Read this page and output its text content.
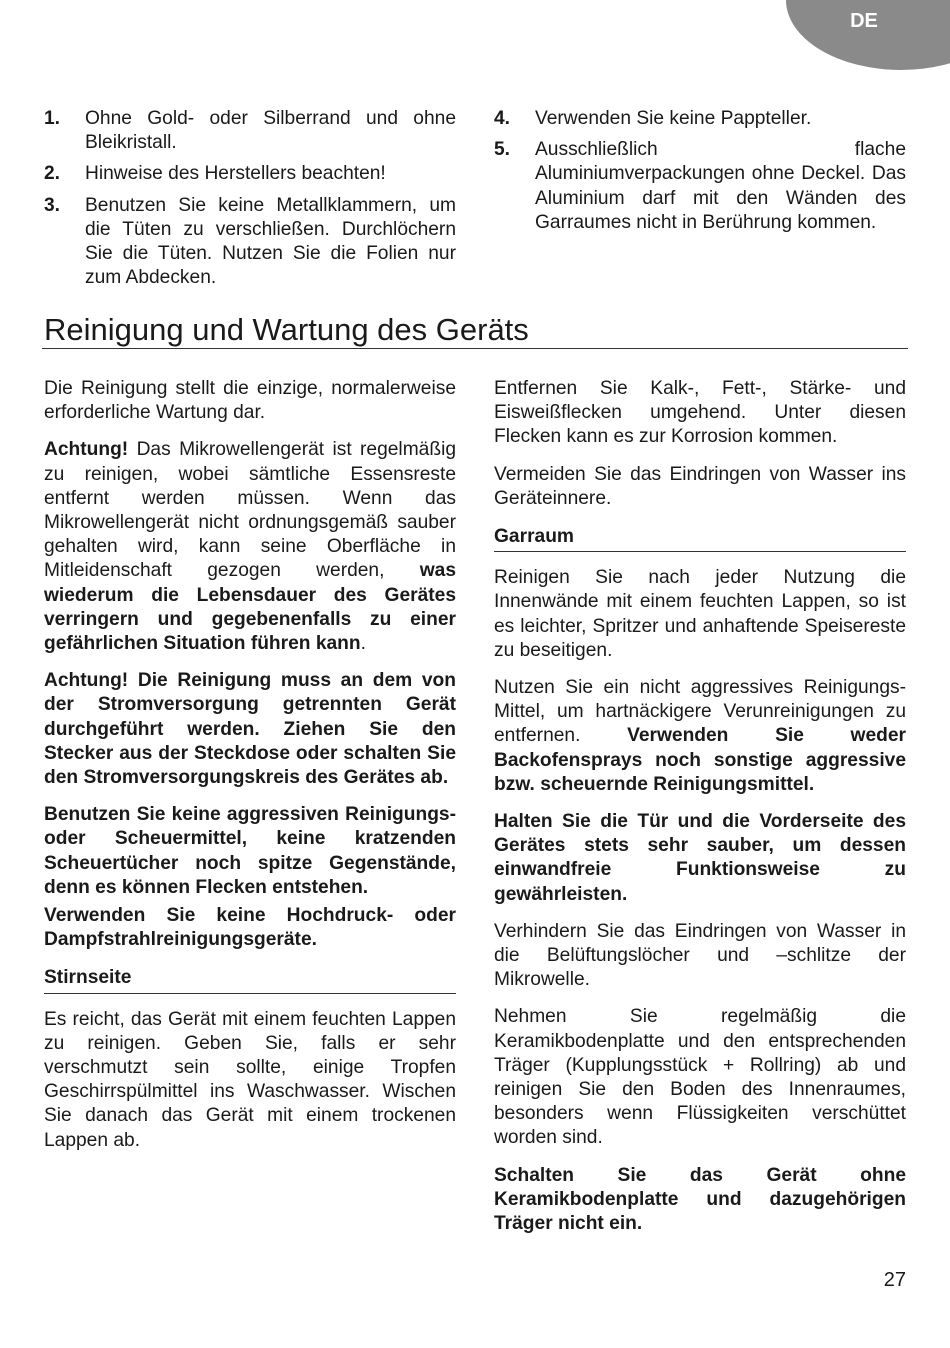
DE
1. Ohne Gold- oder Silberrand und ohne Bleikristall.
2. Hinweise des Herstellers beachten!
3. Benutzen Sie keine Metallklammern, um die Tüten zu verschließen. Durchlöchern Sie die Tüten. Nutzen Sie die Folien nur zum Abdecken.
4. Verwenden Sie keine Pappteller.
5. Ausschließlich flache Aluminiumverpackungen ohne Deckel. Das Aluminium darf mit den Wänden des Garraumes nicht in Berührung kommen.
Reinigung und Wartung des Geräts

Die Reinigung stellt die einzige, normalerweise erforderliche Wartung dar.

Achtung! Das Mikrowellengerät ist regelmäßig zu reinigen, wobei sämtliche Essensreste entfernt werden müssen. Wenn das Mikrowellengerät nicht ordnungsgemäß sauber gehalten wird, kann seine Oberfläche in Mitleidenschaft gezogen werden, was wiederum die Lebensdauer des Gerätes verringern und gegebenenfalls zu einer gefährlichen Situation führen kann.

Achtung! Die Reinigung muss an dem von der Stromversorgung getrennten Gerät durchgeführt werden. Ziehen Sie den Stecker aus der Steckdose oder schalten Sie den Stromversorgungskreis des Gerätes ab.

Benutzen Sie keine aggressiven Reinigungs- oder Scheuermittel, keine kratzenden Scheuertücher noch spitze Gegenstände, denn es können Flecken entstehen.

Verwenden Sie keine Hochdruck- oder Dampfstrahlreinigungsgeräte.

Stirnseite

Es reicht, das Gerät mit einem feuchten Lappen zu reinigen. Geben Sie, falls er sehr verschmutzt sein sollte, einige Tropfen Geschirrspülmittel ins Waschwasser. Wischen Sie danach das Gerät mit einem trockenen Lappen ab.

Entfernen Sie Kalk-, Fett-, Stärke- und Eisweißflecken umgehend. Unter diesen Flecken kann es zur Korrosion kommen.

Vermeiden Sie das Eindringen von Wasser ins Geräteinnere.

Garraum

Reinigen Sie nach jeder Nutzung die Innenwände mit einem feuchten Lappen, so ist es leichter, Spritzer und anhaftende Speisereste zu beseitigen.

Nutzen Sie ein nicht aggressives Reinigungs-Mittel, um hartnäckigere Verunreinigungen zu entfernen. Verwenden Sie weder Backofensprays noch sonstige aggressive bzw. scheuernde Reinigungsmittel.

Halten Sie die Tür und die Vorderseite des Gerätes stets sehr sauber, um dessen einwandfreie Funktionsweise zu gewährleisten.

Verhindern Sie das Eindringen von Wasser in die Belüftungslöcher und –schlitze der Mikrowelle.

Nehmen Sie regelmäßig die Keramikbodenplatte und den entsprechenden Träger (Kupplungsstück + Rollring) ab und reinigen Sie den Boden des Innenraumes, besonders wenn Flüssigkeiten verschüttet worden sind.

Schalten Sie das Gerät ohne Keramikbodenplatte und dazugehörigen Träger nicht ein.

27
